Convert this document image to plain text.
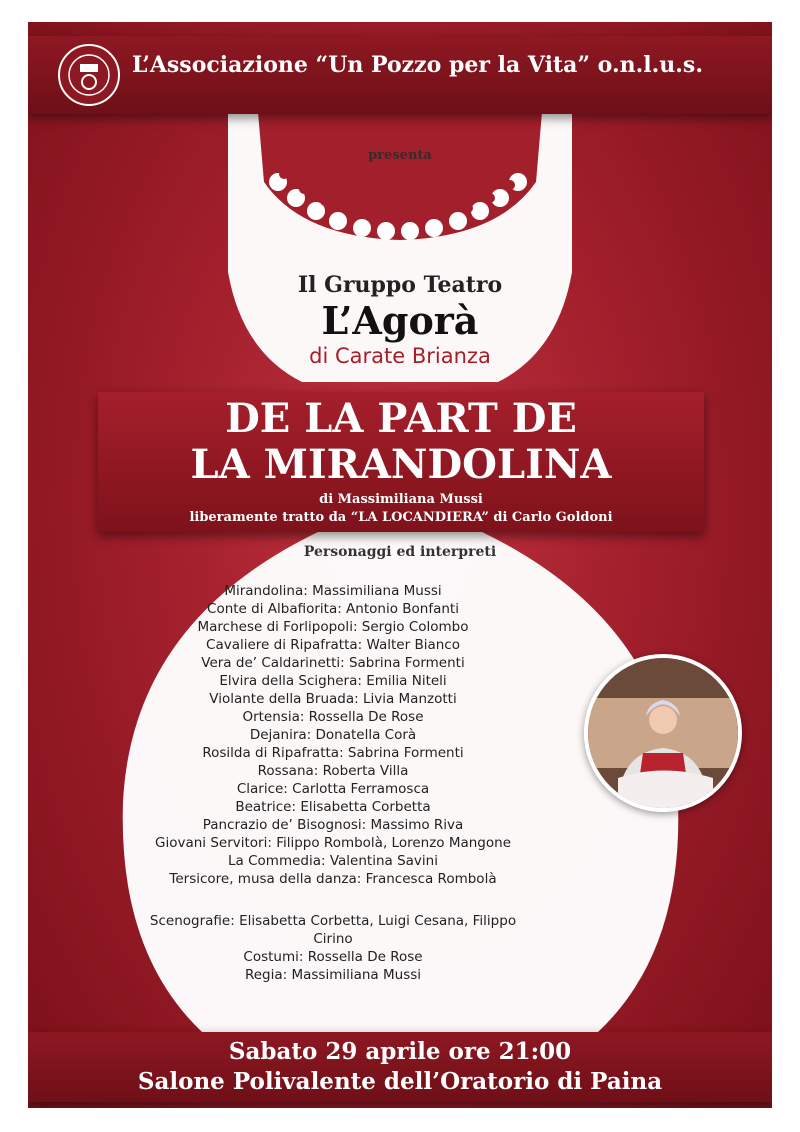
L’Associazione “Un Pozzo per la Vita” o.n.l.u.s.
presenta
Il Gruppo Teatro
L’Agorà
di Carate Brianza
DE LA PART DE
LA MIRANDOLINA
di Massimiliana Mussi
liberamente tratto da “LA LOCANDIERA” di Carlo Goldoni
Personaggi ed interpreti
Mirandolina: Massimiliana Mussi
Conte di Albafiorita: Antonio Bonfanti
Marchese di Forlipopoli: Sergio Colombo
Cavaliere di Ripafratta: Walter Bianco
Vera de’ Caldarinetti: Sabrina Formenti
Elvira della Scighera: Emilia Niteli
Violante della Bruada: Livia Manzotti
Ortensia: Rossella De Rose
Dejanira: Donatella Corà
Rosilda di Ripafratta: Sabrina Formenti
Rossana: Roberta Villa
Clarice: Carlotta Ferramosca
Beatrice: Elisabetta Corbetta
Pancrazio de’ Bisognosi: Massimo Riva
Giovani Servitori: Filippo Rombolà, Lorenzo Mangone
La Commedia: Valentina Savini
Tersicore, musa della danza: Francesca Rombolà
Scenografie: Elisabetta Corbetta, Luigi Cesana, Filippo Cirino
Costumi: Rossella De Rose
Regia: Massimiliana Mussi
Sabato 29 aprile ore 21:00
Salone Polivalente dell’Oratorio di Paina
